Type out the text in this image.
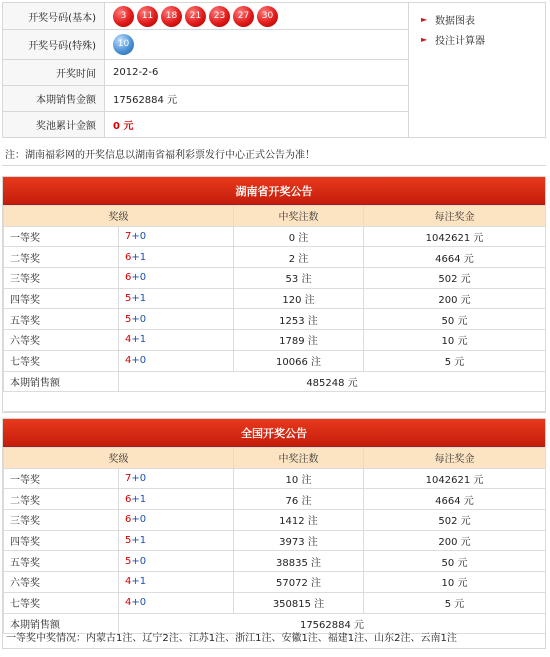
开奖号码(基本)	3	11	18	21	23	27	30
开奖号码(特殊)	10
开奖时间	2012-2-6
本期销售金额	17562884 元
奖池累计金额	0 元
► 数据图表
► 投注计算器
注：湖南福彩网的开奖信息以湖南省福利彩票发行中心正式公告为准！
湖南省开奖公告
奖级		中奖注数	每注奖金
一等奖	7+0	0 注	1042621 元
二等奖	6+1	2 注	4664 元
三等奖	6+0	53 注	502 元
四等奖	5+1	120 注	200 元
五等奖	5+0	1253 注	50 元
六等奖	4+1	1789 注	10 元
七等奖	4+0	10066 注	5 元
本期销售额	485248 元		

全国开奖公告
奖级		中奖注数	每注奖金
一等奖	7+0	10 注	1042621 元
二等奖	6+1	76 注	4664 元
三等奖	6+0	1412 注	502 元
四等奖	5+1	3973 注	200 元
五等奖	5+0	38835 注	50 元
六等奖	4+1	57072 注	10 元
七等奖	4+0	350815 注	5 元
本期销售额	17562884 元		
一等奖中奖情况：内蒙古1注、辽宁2注、江苏1注、浙江1注、安徽1注、福建1注、山东2注、云南1注
